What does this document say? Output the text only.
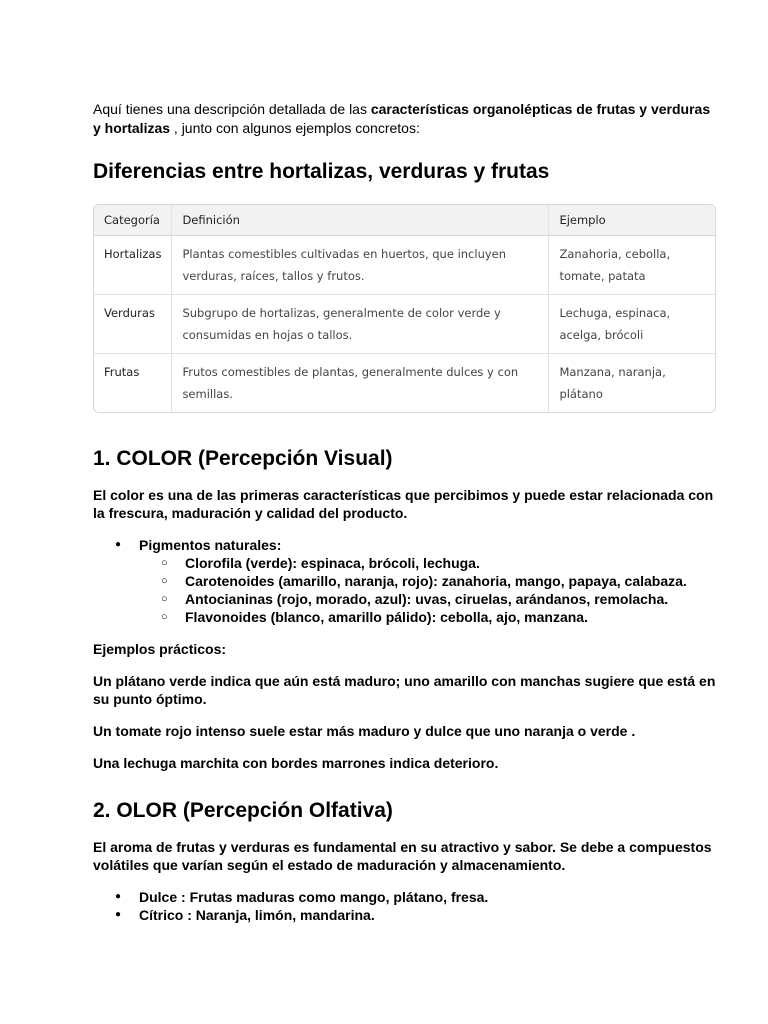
Aquí tienes una descripción detallada de las características organolépticas de frutas y verduras y hortalizas , junto con algunos ejemplos concretos:

Diferencias entre hortalizas, verduras y frutas
Categoría	Definición	Ejemplo
Hortalizas	Plantas comestibles cultivadas en huertos, que incluyen verduras, raíces, tallos y frutos.	Zanahoria, cebolla, tomate, patata
Verduras	Subgrupo de hortalizas, generalmente de color verde y consumidas en hojas o tallos.	Lechuga, espinaca, acelga, brócoli
Frutas	Frutos comestibles de plantas, generalmente dulces y con semillas.	Manzana, naranja, plátano
1. COLOR (Percepción Visual)

El color es una de las primeras características que percibimos y puede estar relacionada con la frescura, maduración y calidad del producto.

● Pigmentos naturales:
○ Clorofila (verde): espinaca, brócoli, lechuga.
○ Carotenoides (amarillo, naranja, rojo): zanahoria, mango, papaya, calabaza.
○ Antocianinas (rojo, morado, azul): uvas, ciruelas, arándanos, remolacha.
○ Flavonoides (blanco, amarillo pálido): cebolla, ajo, manzana.

Ejemplos prácticos:

Un plátano verde indica que aún está maduro; uno amarillo con manchas sugiere que está en su punto óptimo.

Un tomate rojo intenso suele estar más maduro y dulce que uno naranja o verde .

Una lechuga marchita con bordes marrones indica deterioro.

2. OLOR (Percepción Olfativa)

El aroma de frutas y verduras es fundamental en su atractivo y sabor. Se debe a compuestos volátiles que varían según el estado de maduración y almacenamiento.

● Dulce : Frutas maduras como mango, plátano, fresa.
● Cítrico : Naranja, limón, mandarina.
